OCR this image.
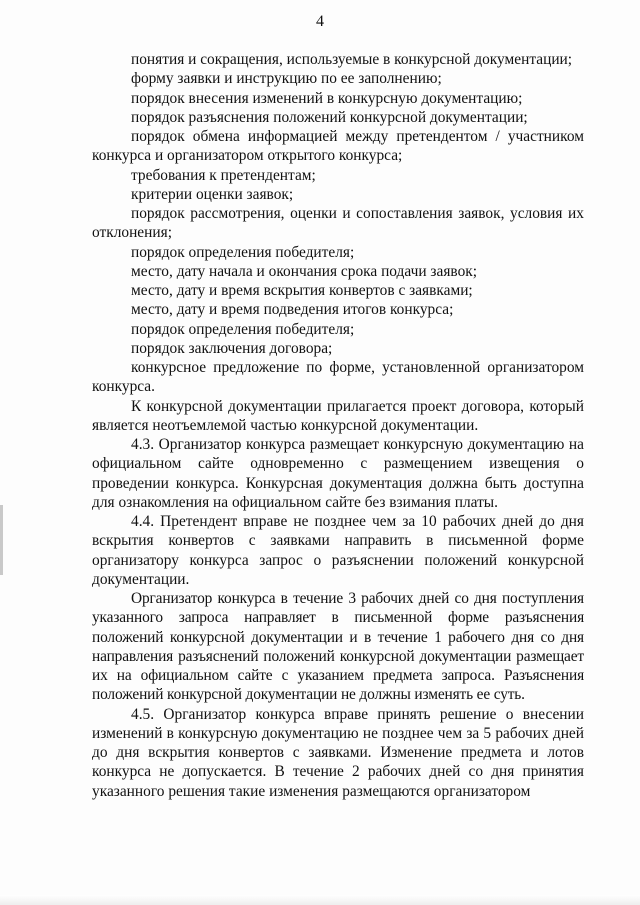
4

понятия и сокращения, используемые в конкурсной документации;

форму заявки и инструкцию по ее заполнению;

порядок внесения изменений в конкурсную документацию;

порядок разъяснения положений конкурсной документации;

порядок обмена информацией между претендентом / участником конкурса и организатором открытого конкурса;

требования к претендентам;

критерии оценки заявок;

порядок рассмотрения, оценки и сопоставления заявок, условия их отклонения;

порядок определения победителя;

место, дату начала и окончания срока подачи заявок;

место, дату и время вскрытия конвертов с заявками;

место, дату и время подведения итогов конкурса;

порядок определения победителя;

порядок заключения договора;

конкурсное предложение по форме, установленной организатором конкурса.

К конкурсной документации прилагается проект договора, который является неотъемлемой частью конкурсной документации.

4.3. Организатор конкурса размещает конкурсную документацию на официальном сайте одновременно с размещением извещения о проведении конкурса. Конкурсная документация должна быть доступна для ознакомления на официальном сайте без взимания платы.

4.4. Претендент вправе не позднее чем за 10 рабочих дней до дня вскрытия конвертов с заявками направить в письменной форме организатору конкурса запрос о разъяснении положений конкурсной документации.

Организатор конкурса в течение 3 рабочих дней со дня поступления указанного запроса направляет в письменной форме разъяснения положений конкурсной документации и в течение 1 рабочего дня со дня направления разъяснений положений конкурсной документации размещает их на официальном сайте с указанием предмета запроса. Разъяснения положений конкурсной документации не должны изменять ее суть.

4.5. Организатор конкурса вправе принять решение о внесении изменений в конкурсную документацию не позднее чем за 5 рабочих дней до дня вскрытия конвертов с заявками. Изменение предмета и лотов конкурса не допускается. В течение 2 рабочих дней со дня принятия указанного решения такие изменения размещаются организатором
